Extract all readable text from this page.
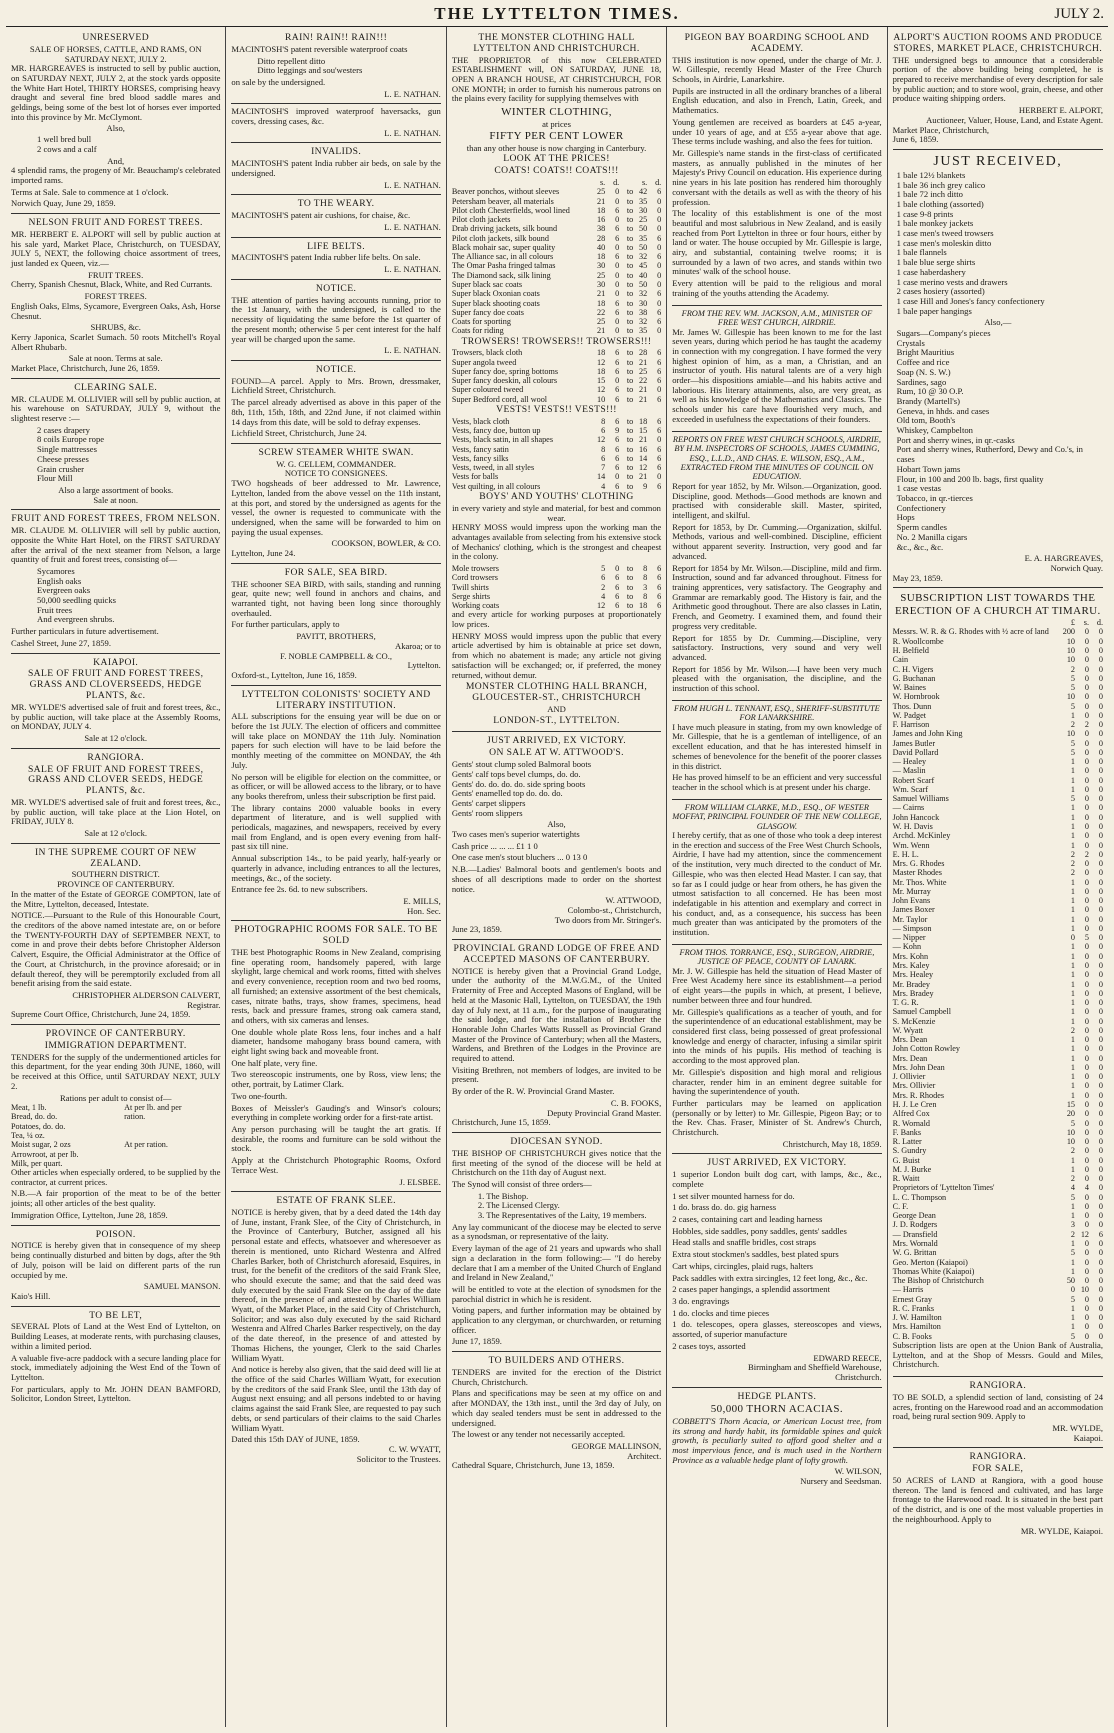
THE LYTTELTON TIMES.	JULY 2.
UNRESERVED
SALE OF HORSES, CATTLE, AND RAMS, ON SATURDAY NEXT, JULY 2.

MR. HARGREAVES is instructed to sell by public auction, on SATURDAY NEXT, JULY 2, at the stock yards opposite the White Hart Hotel, THIRTY HORSES, comprising heavy draught and several fine bred blood saddle mares and geldings, being some of the best lot of horses ever imported into this province by Mr. McClymont.

Also,
1 well bred bull
2 cows and a calf
And,

4 splendid rams, the progeny of Mr. Beauchamp's celebrated imported rams.

Terms at Sale. Sale to commence at 1 o'clock.

Norwich Quay, June 29, 1859.
NELSON FRUIT AND FOREST TREES.

MR. HERBERT E. ALPORT will sell by public auction at his sale yard, Market Place, Christchurch, on TUESDAY, JULY 5, NEXT, the following choice assortment of trees, just landed ex Queen, viz.—

FRUIT TREES.

Cherry, Spanish Chesnut, Black, White, and Red Currants.

FOREST TREES.

English Oaks, Elms, Sycamore, Evergreen Oaks, Ash, Horse Chesnut.

SHRUBS, &c.

Kerry Japonica, Scarlet Sumach. 50 roots Mitchell's Royal Albert Rhubarb.

Sale at noon. Terms at sale.
Market Place, Christchurch, June 26, 1859.
CLEARING SALE.

MR. CLAUDE M. OLLIVIER will sell by public auction, at his warehouse on SATURDAY, JULY 9, without the slightest reserve :—

2 cases drapery
8 coils Europe rope
Single mattresses
Cheese presses
Grain crusher
Flour Mill
Also a large assortment of books.
Sale at noon.
FRUIT AND FOREST TREES, FROM NELSON.

MR. CLAUDE M. OLLIVIER will sell by public auction, opposite the White Hart Hotel, on the FIRST SATURDAY after the arrival of the next steamer from Nelson, a large quantity of fruit and forest trees, consisting of—

Sycamores
English oaks
Evergreen oaks
50,000 seedling quicks
Fruit trees
And evergreen shrubs.

Further particulars in future advertisement.

Cashel Street, June 27, 1859.
KAIAPOI.
SALE OF FRUIT AND FOREST TREES, GRASS AND CLOVERSEEDS, HEDGE PLANTS, &c.

MR. WYLDE'S advertised sale of fruit and forest trees, &c., by public auction, will take place at the Assembly Rooms, on MONDAY, JULY 4.

Sale at 12 o'clock.
RANGIORA.
SALE OF FRUIT AND FOREST TREES, GRASS AND CLOVER SEEDS, HEDGE PLANTS, &c.

MR. WYLDE'S advertised sale of fruit and forest trees, &c., by public auction, will take place at the Lion Hotel, on FRIDAY, JULY 8.

Sale at 12 o'clock.
IN THE SUPREME COURT OF NEW ZEALAND.
SOUTHERN DISTRICT.
PROVINCE OF CANTERBURY.

In the matter of the Estate of GEORGE COMPTON, late of the Mitre, Lyttelton, deceased, Intestate.

NOTICE.—Pursuant to the Rule of this Honourable Court, the creditors of the above named intestate are, on or before the TWENTY-FOURTH DAY of SEPTEMBER NEXT, to come in and prove their debts before Christopher Alderson Calvert, Esquire, the Official Administrator at the Office of the Court, at Christchurch, in the province aforesaid; or in default thereof, they will be peremptorily excluded from all benefit arising from the said estate.

CHRISTOPHER ALDERSON CALVERT,
Registrar.
Supreme Court Office, Christchurch, June 24, 1859.
PROVINCE OF CANTERBURY.
IMMIGRATION DEPARTMENT.

TENDERS for the supply of the undermentioned articles for this department, for the year ending 30th JUNE, 1860, will be received at this Office, until SATURDAY NEXT, JULY 2.

Rations per adult to consist of—
Meat, 1 lb.	At per lb. and per
Bread, do. do.	ration.
Potatoes, do. do.	
Tea, ¼ oz.	
Moist sugar, 2 ozs	At per ration.
Arrowroot, at per lb.	
Milk, per quart.	

Other articles when especially ordered, to be supplied by the contractor, at current prices.

N.B.—A fair proportion of the meat to be of the better joints; all other articles of the best quality.

Immigration Office, Lyttelton, June 28, 1859.
POISON.

NOTICE is hereby given that in consequence of my sheep being continually disturbed and bitten by dogs, after the 9th of July, poison will be laid on different parts of the run occupied by me.

SAMUEL MANSON.
Kaio's Hill.
TO BE LET,

SEVERAL Plots of Land at the West End of Lyttelton, on Building Leases, at moderate rents, with purchasing clauses, within a limited period.

A valuable five-acre paddock with a secure landing place for stock, immediately adjoining the West End of the Town of Lyttelton.

For particulars, apply to Mr. JOHN DEAN BAMFORD, Solicitor, London Street, Lyttelton.

RAIN! RAIN!! RAIN!!!

MACINTOSH'S patent reversible waterproof coats

Ditto repellent ditto
Ditto leggings and sou'westers

on sale by the undersigned.

L. E. NATHAN.

MACINTOSH'S improved waterproof haversacks, gun covers, dressing cases, &c.

L. E. NATHAN.
INVALIDS.

MACINTOSH'S patent India rubber air beds, on sale by the undersigned.

L. E. NATHAN.
TO THE WEARY.

MACINTOSH'S patent air cushions, for chaise, &c.

L. E. NATHAN.
LIFE BELTS.

MACINTOSH'S patent India rubber life belts. On sale.

L. E. NATHAN.
NOTICE.

THE attention of parties having accounts running, prior to the 1st January, with the undersigned, is called to the necessity of liquidating the same before the 1st quarter of the present month; otherwise 5 per cent interest for the half year will be charged upon the same.

L. E. NATHAN.
NOTICE.

FOUND—A parcel. Apply to Mrs. Brown, dressmaker, Lichfield Street, Christchurch.

The parcel already advertised as above in this paper of the 8th, 11th, 15th, 18th, and 22nd June, if not claimed within 14 days from this date, will be sold to defray expenses.

Lichfield Street, Christchurch, June 24.
SCREW STEAMER WHITE SWAN.
W. G. CELLEM, COMMANDER.
NOTICE TO CONSIGNEES.

TWO hogsheads of beer addressed to Mr. Lawrence, Lyttelton, landed from the above vessel on the 11th instant, at this port, and stored by the undersigned as agents for the vessel, the owner is requested to communicate with the undersigned, when the same will be forwarded to him on paying the usual expenses.

COOKSON, BOWLER, & CO.
Lyttelton, June 24.
FOR SALE, SEA BIRD.

THE schooner SEA BIRD, with sails, standing and running gear, quite new; well found in anchors and chains, and warranted tight, not having been long since thoroughly overhauled.

For further particulars, apply to

PAVITT, BROTHERS,
Akaroa; or to
F. NOBLE CAMPBELL & CO.,
Lyttelton.
Oxford-st., Lyttelton, June 16, 1859.
LYTTELTON COLONISTS' SOCIETY AND LITERARY INSTITUTION.

ALL subscriptions for the ensuing year will be due on or before the 1st JULY. The election of officers and committee will take place on MONDAY the 11th July. Nomination papers for such election will have to be laid before the monthly meeting of the committee on MONDAY, the 4th July.

No person will be eligible for election on the committee, or as officer, or will be allowed access to the library, or to have any books therefrom, unless their subscription be first paid.

The library contains 2000 valuable books in every department of literature, and is well supplied with periodicals, magazines, and newspapers, received by every mail from England, and is open every evening from half-past six till nine.

Annual subscription 14s., to be paid yearly, half-yearly or quarterly in advance, including entrances to all the lectures, meetings, &c., of the society.

Entrance fee 2s. 6d. to new subscribers.

E. MILLS,
Hon. Sec.
PHOTOGRAPHIC ROOMS FOR SALE. TO BE SOLD

THE best Photographic Rooms in New Zealand, comprising fine operating room, handsomely papered, with large skylight, large chemical and work rooms, fitted with shelves and every convenience, reception room and two bed rooms, all furnished; an extensive assortment of the best chemicals, cases, nitrate baths, trays, show frames, specimens, head rests, back and pressure frames, strong oak camera stand, and others, with six cameras and lenses.

One double whole plate Ross lens, four inches and a half diameter, handsome mahogany brass bound camera, with eight light swing back and moveable front.

One half plate, very fine.

Two stereoscopic instruments, one by Ross, view lens; the other, portrait, by Latimer Clark.

Two one-fourth.

Boxes of Meissler's Gauding's and Winsor's colours; everything in complete working order for a first-rate artist.

Any person purchasing will be taught the art gratis. If desirable, the rooms and furniture can be sold without the stock.

Apply at the Christchurch Photographic Rooms, Oxford Terrace West.

J. ELSBEE.
ESTATE OF FRANK SLEE.

NOTICE is hereby given, that by a deed dated the 14th day of June, instant, Frank Slee, of the City of Christchurch, in the Province of Canterbury, Butcher, assigned all his personal estate and effects, whatsoever and wheresoever as therein is mentioned, unto Richard Westenra and Alfred Charles Barker, both of Christchurch aforesaid, Esquires, in trust, for the benefit of the creditors of the said Frank Slee, who should execute the same; and that the said deed was duly executed by the said Frank Slee on the day of the date thereof, in the presence of and attested by Charles William Wyatt, of the Market Place, in the said City of Christchurch, Solicitor; and was also duly executed by the said Richard Westenra and Alfred Charles Barker respectively, on the day of the date thereof, in the presence of and attested by Thomas Hichens, the younger, Clerk to the said Charles William Wyatt.

And notice is hereby also given, that the said deed will lie at the office of the said Charles William Wyatt, for execution by the creditors of the said Frank Slee, until the 13th day of August next ensuing; and all persons indebted to or having claims against the said Frank Slee, are requested to pay such debts, or send particulars of their claims to the said Charles William Wyatt.

Dated this 15th DAY of JUNE, 1859.
C. W. WYATT,
Solicitor to the Trustees.
THE MONSTER CLOTHING HALL LYTTELTON AND CHRISTCHURCH.

THE PROPRIETOR of this now CELEBRATED ESTABLISHMENT will, ON SATURDAY, JUNE 18, OPEN A BRANCH HOUSE, AT CHRISTCHURCH, FOR ONE MONTH; in order to furnish his numerous patrons on the plains every facility for supplying themselves with

WINTER CLOTHING,
at prices
FIFTY PER CENT LOWER
than any other house is now charging in Canterbury.
LOOK AT THE PRICES!
COATS! COATS!! COATS!!!
	s.	d.		s.	d.
Beaver ponchos, without sleeves	25	0	to	42	6
Petersham beaver, all materials	21	0	to	35	0
Pilot cloth Chesterfields, wool lined	18	6	to	30	0
Pilot cloth jackets	16	0	to	25	0
Drab driving jackets, silk bound	38	6	to	50	0
Pilot cloth jackets, silk bound	28	6	to	35	6
Black mohair sac, super quality	40	0	to	50	0
The Alliance sac, in all colours	18	6	to	32	6
The Omar Pasha fringed talmas	30	0	to	45	0
The Diamond sack, silk lining	25	0	to	40	0
Super black sac coats	30	0	to	50	0
Super black Oxonian coats	21	0	to	32	6
Super black shooting coats	18	6	to	30	0
Super fancy doe coats	22	6	to	38	6
Coats for sporting	25	0	to	32	6
Coats for riding	21	0	to	35	0
TROWSERS! TROWSERS!! TROWSERS!!!
Trowsers, black cloth	18	6	to	28	6
Super angola tweed	12	6	to	21	6
Super fancy doe, spring bottoms	18	6	to	25	6
Super fancy doeskin, all colours	15	0	to	22	6
Super coloured tweed	12	6	to	21	0
Super Bedford cord, all wool	10	6	to	21	6
VESTS! VESTS!! VESTS!!!
Vests, black cloth	8	6	to	18	6
Vests, fancy doe, button up	6	9	to	15	6
Vests, black satin, in all shapes	12	6	to	21	0
Vests, fancy satin	8	6	to	16	6
Vests, fancy silks	6	6	to	14	6
Vests, tweed, in all styles	7	6	to	12	6
Vests for balls	14	0	to	21	0
Vest quilting, in all colours	4	6	to	9	6
BOYS' AND YOUTHS' CLOTHING
in every variety and style and material, for best and common wear.

HENRY MOSS would impress upon the working man the advantages available from selecting from his extensive stock of Mechanics' clothing, which is the strongest and cheapest in the colony.

Mole trowsers	5	0	to	8	6
Cord trowsers	6	6	to	8	6
Twill shirts	2	6	to	3	6
Serge shirts	4	6	to	8	6
Working coats	12	6	to	18	6

and every article for working purposes at proportionately low prices.

HENRY MOSS would impress upon the public that every article advertised by him is obtainable at price set down, from which no abatement is made; any article not giving satisfaction will be exchanged; or, if preferred, the money returned, without demur.

MONSTER CLOTHING HALL BRANCH, GLOUCESTER-ST., CHRISTCHURCH
AND
LONDON-ST., LYTTELTON.
JUST ARRIVED, EX VICTORY.
ON SALE AT W. ATTWOOD'S.
Gents' stout clump soled Balmoral boots
Gents' calf tops bevel clumps, do. do.
Gents' do. do. do. do. side spring boots
Gents' enamelled top do. do. do.
Gents' carpet slippers
Gents' room slippers
Also,

Two cases men's superior watertights

Cash price ... ... ... £1 1 0

One case men's stout bluchers ... 0 13 0

N.B.—Ladies' Balmoral boots and gentlemen's boots and shoes of all descriptions made to order on the shortest notice.

W. ATTWOOD,
Colombo-st., Christchurch,
Two doors from Mr. Stringer's.
June 23, 1859.
PROVINCIAL GRAND LODGE OF FREE AND ACCEPTED MASONS OF CANTERBURY.

NOTICE is hereby given that a Provincial Grand Lodge, under the authority of the M.W.G.M., of the United Fraternity of Free and Accepted Masons of England, will be held at the Masonic Hall, Lyttelton, on TUESDAY, the 19th day of July next, at 11 a.m., for the purpose of inaugurating the said lodge, and for the installation of Brother the Honorable John Charles Watts Russell as Provincial Grand Master of the Province of Canterbury; when all the Masters, Wardens, and Brethren of the Lodges in the Province are required to attend.

Visiting Brethren, not members of lodges, are invited to be present.

By order of the R. W. Provincial Grand Master.

C. B. FOOKS,
Deputy Provincial Grand Master.
Christchurch, June 15, 1859.
DIOCESAN SYNOD.

THE BISHOP OF CHRISTCHURCH gives notice that the first meeting of the synod of the diocese will be held at Christchurch on the 11th day of August next.

The Synod will consist of three orders—

1. The Bishop.
2. The Licensed Clergy.
3. The Representatives of the Laity, 19 members.

Any lay communicant of the diocese may be elected to serve as a synodsman, or representative of the laity.

Every layman of the age of 21 years and upwards who shall sign a declaration in the form following:— "I do hereby declare that I am a member of the United Church of England and Ireland in New Zealand,"

will be entitled to vote at the election of synodsmen for the parochial district in which he is resident.

Voting papers, and further information may be obtained by application to any clergyman, or churchwarden, or returning officer.

June 17, 1859.
TO BUILDERS AND OTHERS.

TENDERS are invited for the erection of the District Church, Christchurch.

Plans and specifications may be seen at my office on and after MONDAY, the 13th inst., until the 3rd day of July, on which day sealed tenders must be sent in addressed to the undersigned.

The lowest or any tender not necessarily accepted.

GEORGE MALLINSON,
Architect.
Cathedral Square, Christchurch, June 13, 1859.
PIGEON BAY BOARDING SCHOOL AND ACADEMY.

THIS institution is now opened, under the charge of Mr. J. W. Gillespie, recently Head Master of the Free Church Schools, in Airdrie, Lanarkshire.

Pupils are instructed in all the ordinary branches of a liberal English education, and also in French, Latin, Greek, and Mathematics.

Young gentlemen are received as boarders at £45 a-year, under 10 years of age, and at £55 a-year above that age. These terms include washing, and also the fees for tuition.

Mr. Gillespie's name stands in the first-class of certificated masters, as annually published in the minutes of her Majesty's Privy Council on education. His experience during nine years in his late position has rendered him thoroughly conversant with the details as well as with the theory of his profession.

The locality of this establishment is one of the most beautiful and most salubrious in New Zealand, and is easily reached from Port Lyttelton in three or four hours, either by land or water. The house occupied by Mr. Gillespie is large, airy, and substantial, containing twelve rooms; it is surrounded by a lawn of two acres, and stands within two minutes' walk of the school house.

Every attention will be paid to the religious and moral training of the youths attending the Academy.

FROM THE REV. WM. JACKSON, A.M., MINISTER OF FREE WEST CHURCH, AIRDRIE.

Mr. James W. Gillespie has been known to me for the last seven years, during which period he has taught the academy in connection with my congregation. I have formed the very highest opinion of him, as a man, a Christian, and an instructor of youth. His natural talents are of a very high order—his dispositions amiable—and his habits active and laborious. His literary attainments, also, are very great, as well as his knowledge of the Mathematics and Classics. The schools under his care have flourished very much, and exceeded in usefulness the expectations of their founders.

REPORTS ON FREE WEST CHURCH SCHOOLS, AIRDRIE, BY H.M. INSPECTORS OF SCHOOLS, JAMES CUMMING, ESQ., L.L.D., AND CHAS. E. WILSON, ESQ., A.M., EXTRACTED FROM THE MINUTES OF COUNCIL ON EDUCATION.

Report for year 1852, by Mr. Wilson.—Organization, good. Discipline, good. Methods—Good methods are known and practised with considerable skill. Master, spirited, intelligent, and skilful.

Report for 1853, by Dr. Cumming.—Organization, skilful. Methods, various and well-combined. Discipline, efficient without apparent severity. Instruction, very good and far advanced.

Report for 1854 by Mr. Wilson.—Discipline, mild and firm. Instruction, sound and far advanced throughout. Fitness for training apprentices, very satisfactory. The Geography and Grammar are remarkably good. The History is fair, and the Arithmetic good throughout. There are also classes in Latin, French, and Geometry. I examined them, and found their progress very creditable.

Report for 1855 by Dr. Cumming.—Discipline, very satisfactory. Instructions, very sound and very well advanced.

Report for 1856 by Mr. Wilson.—I have been very much pleased with the organisation, the discipline, and the instruction of this school.

FROM HUGH L. TENNANT, ESQ., SHERIFF-SUBSTITUTE FOR LANARKSHIRE.

I have much pleasure in stating, from my own knowledge of Mr. Gillespie, that he is a gentleman of intelligence, of an excellent education, and that he has interested himself in schemes of benevolence for the benefit of the poorer classes in this district.

He has proved himself to be an efficient and very successful teacher in the school which is at present under his charge.

FROM WILLIAM CLARKE, M.D., ESQ., OF WESTER MOFFAT, PRINCIPAL FOUNDER OF THE NEW COLLEGE, GLASGOW.

I hereby certify, that as one of those who took a deep interest in the erection and success of the Free West Church Schools, Airdrie, I have had my attention, since the commencement of the institution, very much directed to the conduct of Mr. Gillespie, who was then elected Head Master. I can say, that so far as I could judge or hear from others, he has given the utmost satisfaction to all concerned. He has been most indefatigable in his attention and exemplary and correct in his conduct, and, as a consequence, his success has been much greater than was anticipated by the promoters of the institution.

FROM THOS. TORRANCE, ESQ., SURGEON, AIRDRIE, JUSTICE OF PEACE, COUNTY OF LANARK.

Mr. J. W. Gillespie has held the situation of Head Master of Free West Academy here since its establishment—a period of eight years—the pupils in which, at present, I believe, number between three and four hundred.

Mr. Gillespie's qualifications as a teacher of youth, and for the superintendence of an educational establishment, may be considered first class, being possessed of great professional knowledge and energy of character, infusing a similar spirit into the minds of his pupils. His method of teaching is according to the most approved plan.

Mr. Gillespie's disposition and high moral and religious character, render him in an eminent degree suitable for having the superintendence of youth.

Further particulars may be learned on application (personally or by letter) to Mr. Gillespie, Pigeon Bay; or to the Rev. Chas. Fraser, Minister of St. Andrew's Church, Christchurch.

Christchurch, May 18, 1859.
JUST ARRIVED, EX VICTORY.

1 superior London built dog cart, with lamps, &c., &c., complete

1 set silver mounted harness for do.

1 do. brass do. do. gig harness

2 cases, containing cart and leading harness

Hobbles, side saddles, pony saddles, gents' saddles

Head stalls and snaffle bridles, cost straps

Extra stout stockmen's saddles, best plated spurs

Cart whips, circingles, plaid rugs, halters

Pack saddles with extra sircingles, 12 feet long, &c., &c.

2 cases paper hangings, a splendid assortment

3 do. engravings

1 do. clocks and time pieces

1 do. telescopes, opera glasses, stereoscopes and views, assorted, of superior manufacture

2 cases toys, assorted

EDWARD REECE,
Birmingham and Sheffield Warehouse,
Christchurch.
HEDGE PLANTS.
50,000 THORN ACACIAS.

COBBETT'S Thorn Acacia, or American Locust tree, from its strong and hardy habit, its formidable spines and quick growth, is peculiarly suited to afford good shelter and a most impervious fence, and is much used in the Northern Province as a valuable hedge plant of lofty growth.

W. WILSON,
Nursery and Seedsman.
ALPORT'S AUCTION ROOMS AND PRODUCE STORES, MARKET PLACE, CHRISTCHURCH.

THE undersigned begs to announce that a considerable portion of the above building being completed, he is prepared to receive merchandise of every description for sale by public auction; and to store wool, grain, cheese, and other produce waiting shipping orders.

HERBERT E. ALPORT,
Auctioneer, Valuer, House, Land, and Estate Agent.
Market Place, Christchurch,
June 6, 1859.
JUST RECEIVED,
1 bale 12½ blankets
1 bale 36 inch grey calico
1 bale 72 inch ditto
1 bale clothing (assorted)
1 case 9-8 prints
1 bale monkey jackets
1 case men's tweed trowsers
1 case men's moleskin ditto
1 bale flannels
1 bale blue serge shirts
1 case haberdashery
1 case merino vests and drawers
2 cases hosiery (assorted)
1 case Hill and Jones's fancy confectionery
1 bale paper hangings
Also,—
Sugars—Company's pieces
Crystals
Bright Mauritius
Coffee and rice
Soap (N. S. W.)
Sardines, sago
Rum, 10 @ 30 O.P.
Brandy (Martell's)
Geneva, in hhds. and cases
Old tom, Booth's
Whiskey, Campbelton
Port and sherry wines, in qr.-casks
Port and sherry wines, Rutherford, Dewy and Co.'s, in cases
Hobart Town jams
Flour, in 100 and 200 lb. bags, first quality
1 case vestas
Tobacco, in qr.-tierces
Confectionery
Hops
Sperm candles
No. 2 Manilla cigars
&c., &c., &c.
E. A. HARGREAVES,
Norwich Quay.
May 23, 1859.
SUBSCRIPTION LIST TOWARDS THE ERECTION OF A CHURCH AT TIMARU.
	£	s.	d.
Messrs. W. R. & G. Rhodes with ½ acre of land	200	0	0
R. Woollcombe	10	0	0
H. Belfield	10	0	0
Cain	10	0	0
C. H. Vigers	2	0	0
G. Buchanan	5	0	0
W. Baines	5	0	0
W. Hornbrook	10	0	0
Thos. Dunn	5	0	0
W. Padget	1	0	0
F. Harrison	2	2	0
James and John King	10	0	0
James Butler	5	0	0
David Pollard	5	0	0
— Healey	1	0	0
— Maslin	1	0	0
Robert Scarf	1	0	0
Wm. Scarf	1	0	0
Samuel Williams	5	0	0
— Cairns	1	0	0
John Hancock	1	0	0
W. H. Davis	1	0	0
Archd. McKinley	1	0	0
Wm. Wenn	1	0	0
E. H. L.	2	2	0
Mrs. G. Rhodes	2	0	0
Master Rhodes	2	0	0
Mr. Thos. White	1	0	0
Mr. Murray	1	0	0
John Evans	1	0	0
James Boxer	1	0	0
Mr. Taylor	1	0	0
— Simpson	1	0	0
— Nipper	0	5	0
— Kohn	1	0	0
Mrs. Kohn	1	0	0
Mrs. Kaley	1	0	0
Mrs. Healey	1	0	0
Mr. Bradey	1	0	0
Mrs. Bradey	1	0	0
T. G. R.	1	0	0
Samuel Campbell	1	0	0
S. McKenzie	1	0	0
W. Wyatt	2	0	0
Mrs. Dean	1	0	0
John Cotton Rowley	1	0	0
Mrs. Dean	1	0	0
Mrs. John Dean	1	0	0
J. Ollivier	1	0	0
Mrs. Ollivier	1	0	0
Mrs. R. Rhodes	1	0	0
H. J. Le Cren	15	0	0
Alfred Cox	20	0	0
R. Wornald	5	0	0
F. Banks	10	0	0
R. Latter	10	0	0
S. Gundry	2	0	0
G. Buist	1	0	0
M. J. Burke	1	0	0
R. Waitt	2	0	0
Proprietors of 'Lyttelton Times'	4	4	0
L. C. Thompson	5	0	0
C. F.	1	0	0
George Dean	1	0	0
J. D. Rodgers	3	0	0
— Dransfield	2	12	6
Mrs. Wornald	1	0	0
W. G. Brittan	5	0	0
Geo. Merton (Kaiapoi)	1	0	0
Thomas White (Kaiapoi)	1	0	0
The Bishop of Christchurch	50	0	0
— Harris	0	10	0
Ernest Gray	5	0	0
R. C. Franks	1	0	0
J. W. Hamilton	1	0	0
Mrs. Hamilton	1	0	0
C. B. Fooks	5	0	0

Subscription lists are open at the Union Bank of Australia, Lyttelton, and at the Shop of Messrs. Gould and Miles, Christchurch.

RANGIORA.

TO BE SOLD, a splendid section of land, consisting of 24 acres, fronting on the Harewood road and an accommodation road, being rural section 909. Apply to

MR. WYLDE,
Kaiapoi.
RANGIORA.
FOR SALE,

50 ACRES of LAND at Rangiora, with a good house thereon. The land is fenced and cultivated, and has large frontage to the Harewood road. It is situated in the best part of the district, and is one of the most valuable properties in the neighbourhood. Apply to

MR. WYLDE, Kaiapoi.
